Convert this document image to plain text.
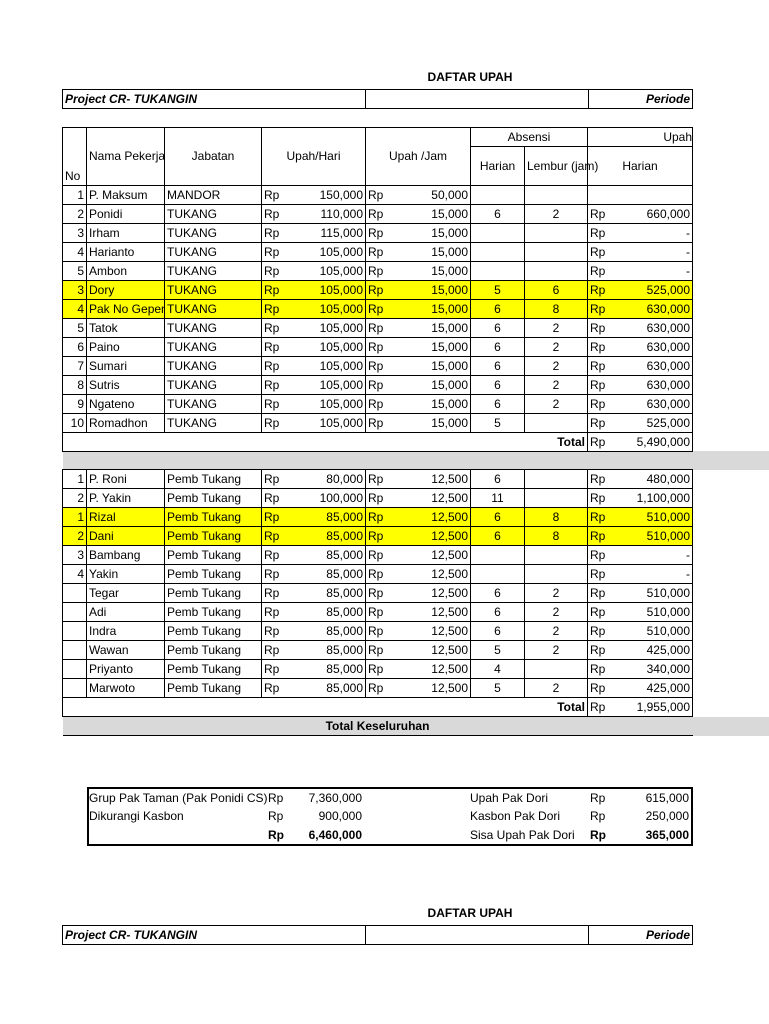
DAFTAR UPAH
Project CR- TUKANGIN		Periode
No	Nama Pekerja	Jabatan	Upah/Hari		Upah /Jam		Absensi		Upah		
							Harian	Lembur (jam)	Harian		

1	P. Maksum	MANDOR	Rp	150,000	Rp	50,000					
2	Ponidi	TUKANG	Rp	110,000	Rp	15,000	6	2	Rp	660,000	
3	Irham	TUKANG	Rp	115,000	Rp	15,000			Rp	-	
4	Harianto	TUKANG	Rp	105,000	Rp	15,000			Rp	-	
5	Ambon	TUKANG	Rp	105,000	Rp	15,000			Rp	-	
3	Dory	TUKANG	Rp	105,000	Rp	15,000	5	6	Rp	525,000	
4	Pak No Geper	TUKANG	Rp	105,000	Rp	15,000	6	8	Rp	630,000	
5	Tatok	TUKANG	Rp	105,000	Rp	15,000	6	2	Rp	630,000	
6	Paino	TUKANG	Rp	105,000	Rp	15,000	6	2	Rp	630,000	
7	Sumari	TUKANG	Rp	105,000	Rp	15,000	6	2	Rp	630,000	
8	Sutris	TUKANG	Rp	105,000	Rp	15,000	6	2	Rp	630,000	
9	Ngateno	TUKANG	Rp	105,000	Rp	15,000	6	2	Rp	630,000	
10	Romadhon	TUKANG	Rp	105,000	Rp	15,000	5		Rp	525,000	
Total									Rp	5,490,000	

1	P. Roni	Pemb Tukang	Rp	80,000	Rp	12,500	6		Rp	480,000	
2	P. Yakin	Pemb Tukang	Rp	100,000	Rp	12,500	11		Rp	1,100,000	
1	Rizal	Pemb Tukang	Rp	85,000	Rp	12,500	6	8	Rp	510,000	
2	Dani	Pemb Tukang	Rp	85,000	Rp	12,500	6	8	Rp	510,000	
3	Bambang	Pemb Tukang	Rp	85,000	Rp	12,500			Rp	-	
4	Yakin	Pemb Tukang	Rp	85,000	Rp	12,500			Rp	-	
	Tegar	Pemb Tukang	Rp	85,000	Rp	12,500	6	2	Rp	510,000	
	Adi	Pemb Tukang	Rp	85,000	Rp	12,500	6	2	Rp	510,000	
	Indra	Pemb Tukang	Rp	85,000	Rp	12,500	6	2	Rp	510,000	
	Wawan	Pemb Tukang	Rp	85,000	Rp	12,500	5	2	Rp	425,000	
	Priyanto	Pemb Tukang	Rp	85,000	Rp	12,500	4		Rp	340,000	
	Marwoto	Pemb Tukang	Rp	85,000	Rp	12,500	5	2	Rp	425,000	
Total									Rp	1,955,000	
Total Keseluruhan											
Grup Pak Taman (Pak Ponidi CS)	Rp	7,360,000		Upah Pak Dori	Rp	615,000
Dikurangi Kasbon	Rp	900,000		Kasbon Pak Dori	Rp	250,000
	Rp	6,460,000		Sisa Upah Pak Dori	Rp	365,000
DAFTAR UPAH
Project CR- TUKANGIN		Periode
